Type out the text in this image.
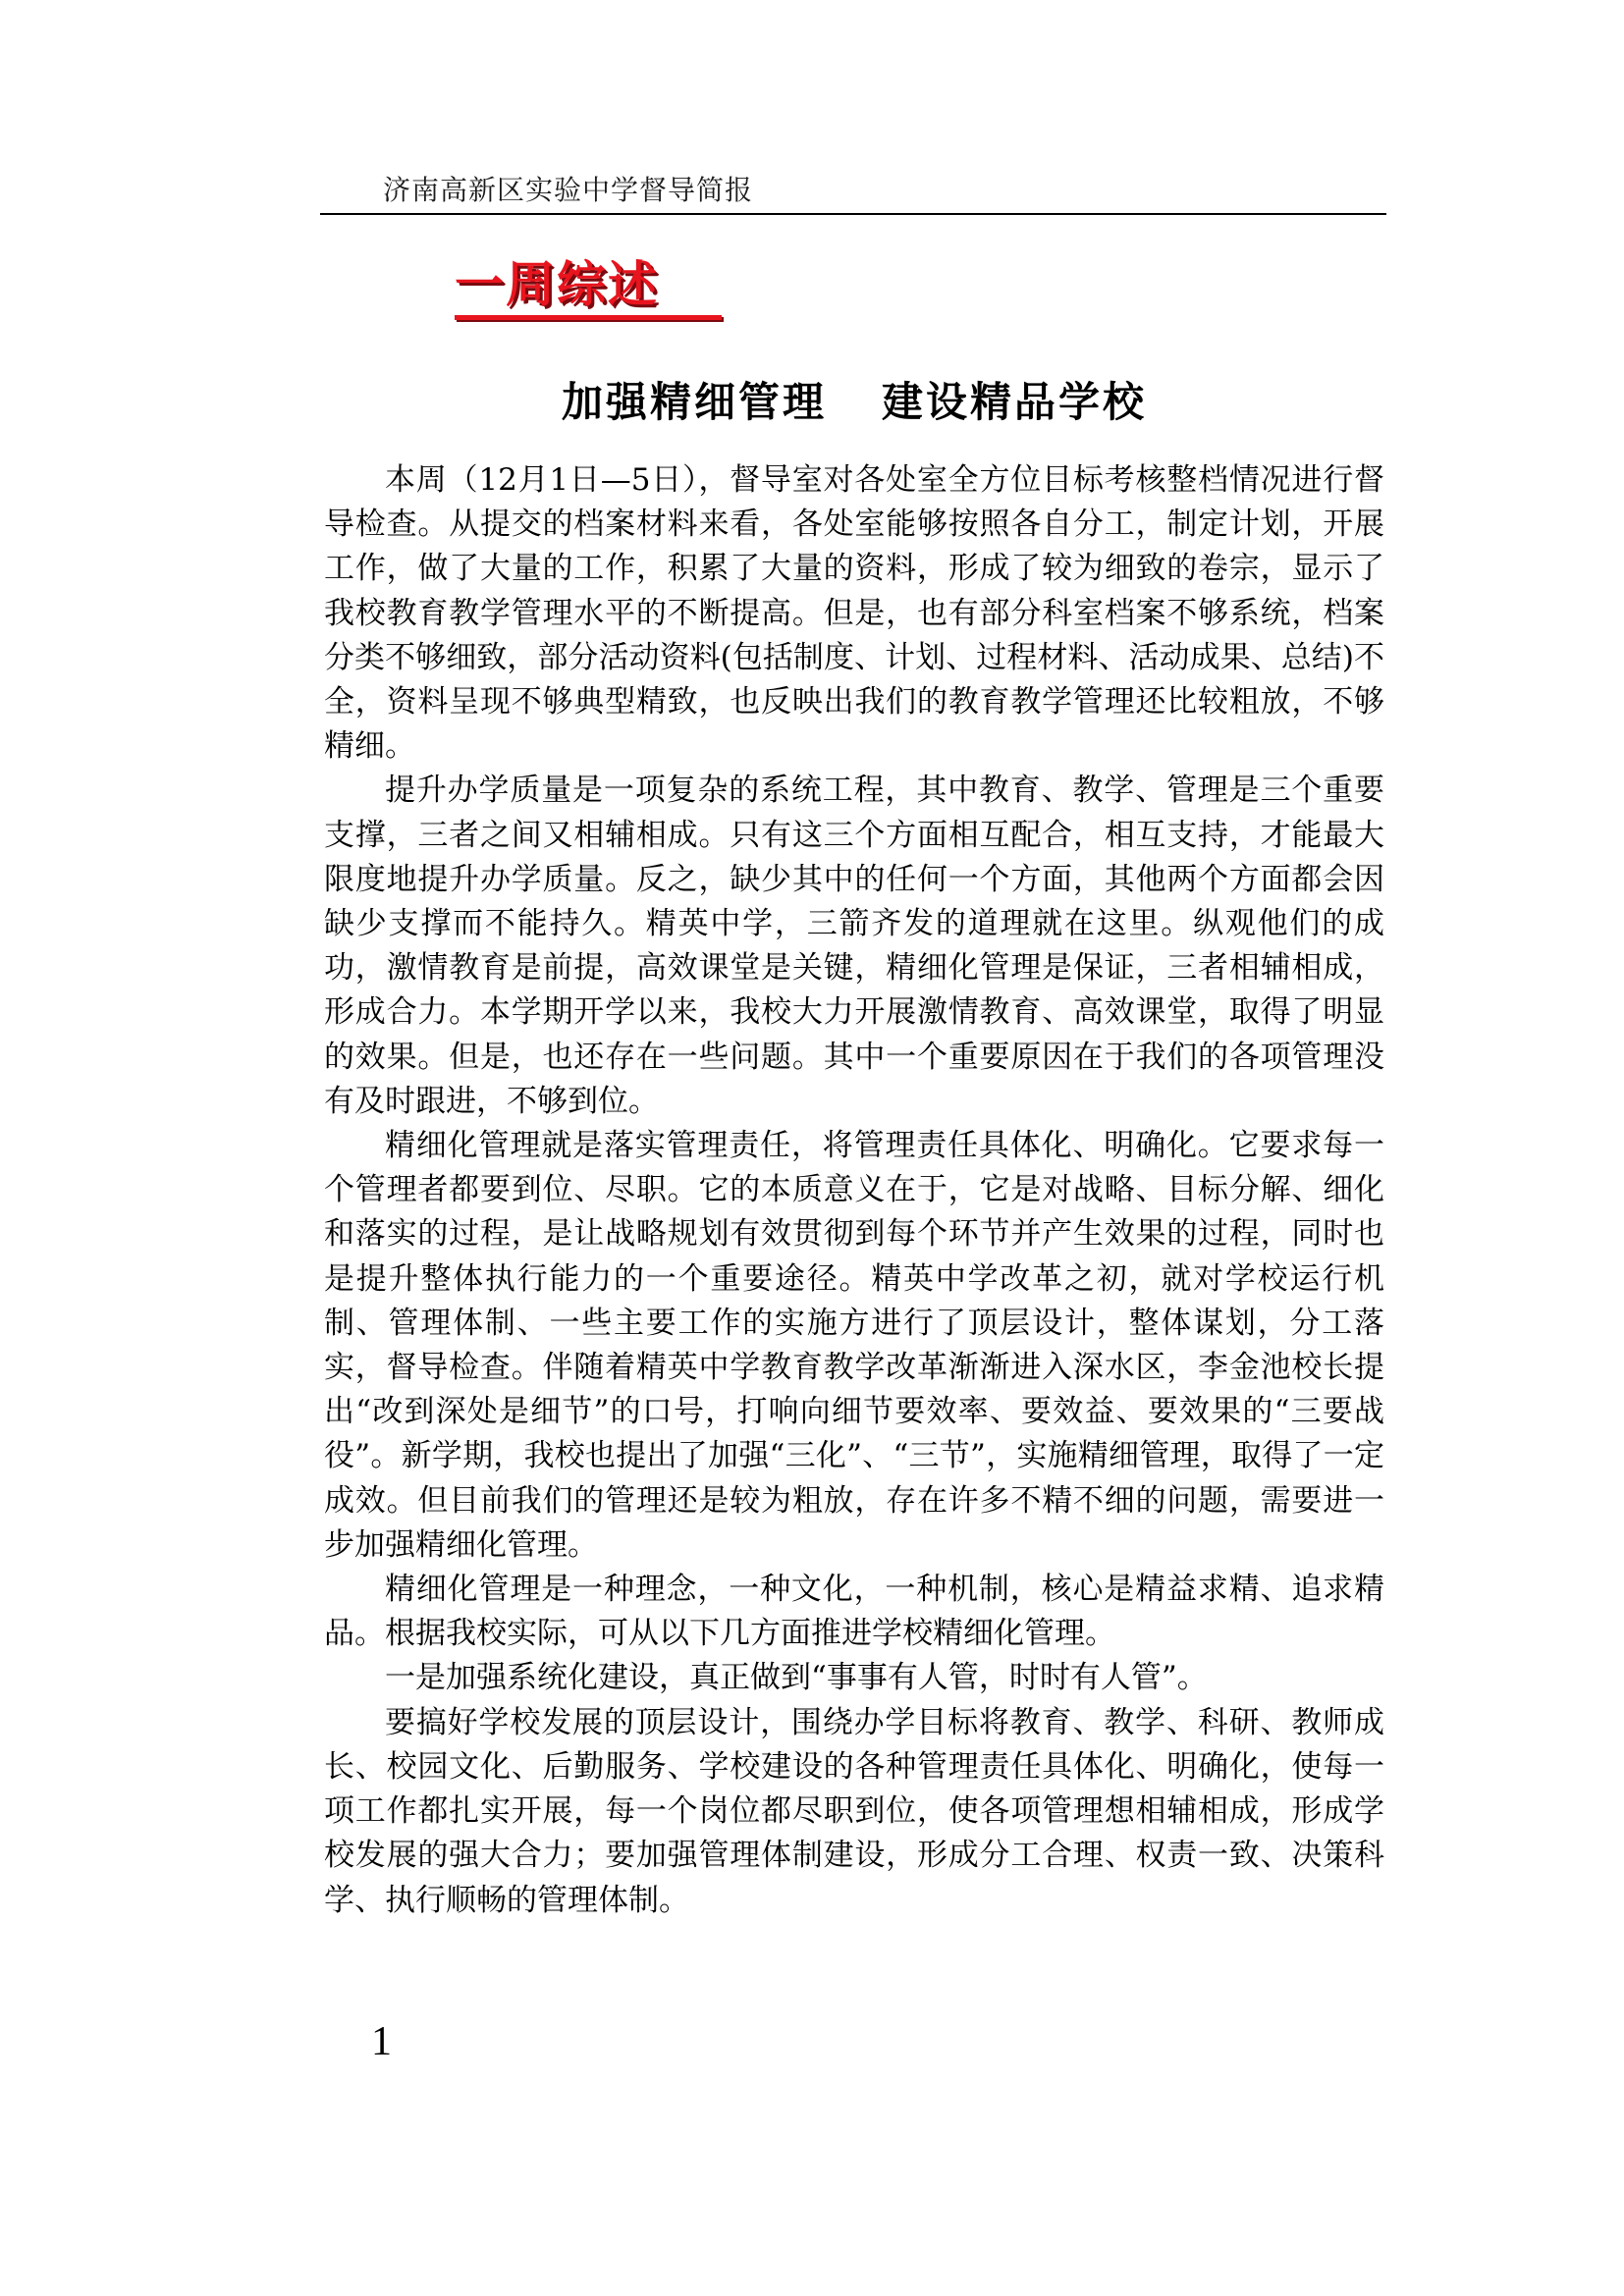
济南高新区实验中学督导简报
一周综述
加强精细管理 建设精品学校

本周（12月1日—5日），督导室对各处室全方位目标考核整档情况进行督导检查。从提交的档案材料来看，各处室能够按照各自分工，制定计划，开展工作，做了大量的工作，积累了大量的资料，形成了较为细致的卷宗，显示了我校教育教学管理水平的不断提高。但是，也有部分科室档案不够系统，档案分类不够细致，部分活动资料(包括制度、计划、过程材料、活动成果、总结)不全，资料呈现不够典型精致，也反映出我们的教育教学管理还比较粗放，不够精细。

提升办学质量是一项复杂的系统工程，其中教育、教学、管理是三个重要支撑，三者之间又相辅相成。只有这三个方面相互配合，相互支持，才能最大限度地提升办学质量。反之，缺少其中的任何一个方面，其他两个方面都会因缺少支撑而不能持久。精英中学，三箭齐发的道理就在这里。纵观他们的成功，激情教育是前提，高效课堂是关键，精细化管理是保证，三者相辅相成，形成合力。本学期开学以来，我校大力开展激情教育、高效课堂，取得了明显的效果。但是，也还存在一些问题。其中一个重要原因在于我们的各项管理没有及时跟进，不够到位。

精细化管理就是落实管理责任，将管理责任具体化、明确化。它要求每一个管理者都要到位、尽职。它的本质意义在于，它是对战略、目标分解、细化和落实的过程，是让战略规划有效贯彻到每个环节并产生效果的过程，同时也是提升整体执行能力的一个重要途径。精英中学改革之初，就对学校运行机制、管理体制、一些主要工作的实施方进行了顶层设计，整体谋划，分工落实，督导检查。伴随着精英中学教育教学改革渐渐进入深水区，李金池校长提出“改到深处是细节”的口号，打响向细节要效率、要效益、要效果的“三要战役”。新学期，我校也提出了加强“三化”、“三节”，实施精细管理，取得了一定成效。但目前我们的管理还是较为粗放，存在许多不精不细的问题，需要进一步加强精细化管理。

精细化管理是一种理念，一种文化，一种机制，核心是精益求精、追求精品。根据我校实际，可从以下几方面推进学校精细化管理。

一是加强系统化建设，真正做到“事事有人管，时时有人管”。

要搞好学校发展的顶层设计，围绕办学目标将教育、教学、科研、教师成长、校园文化、后勤服务、学校建设的各种管理责任具体化、明确化，使每一项工作都扎实开展，每一个岗位都尽职到位，使各项管理想相辅相成，形成学校发展的强大合力；要加强管理体制建设，形成分工合理、权责一致、决策科学、执行顺畅的管理体制。

1
